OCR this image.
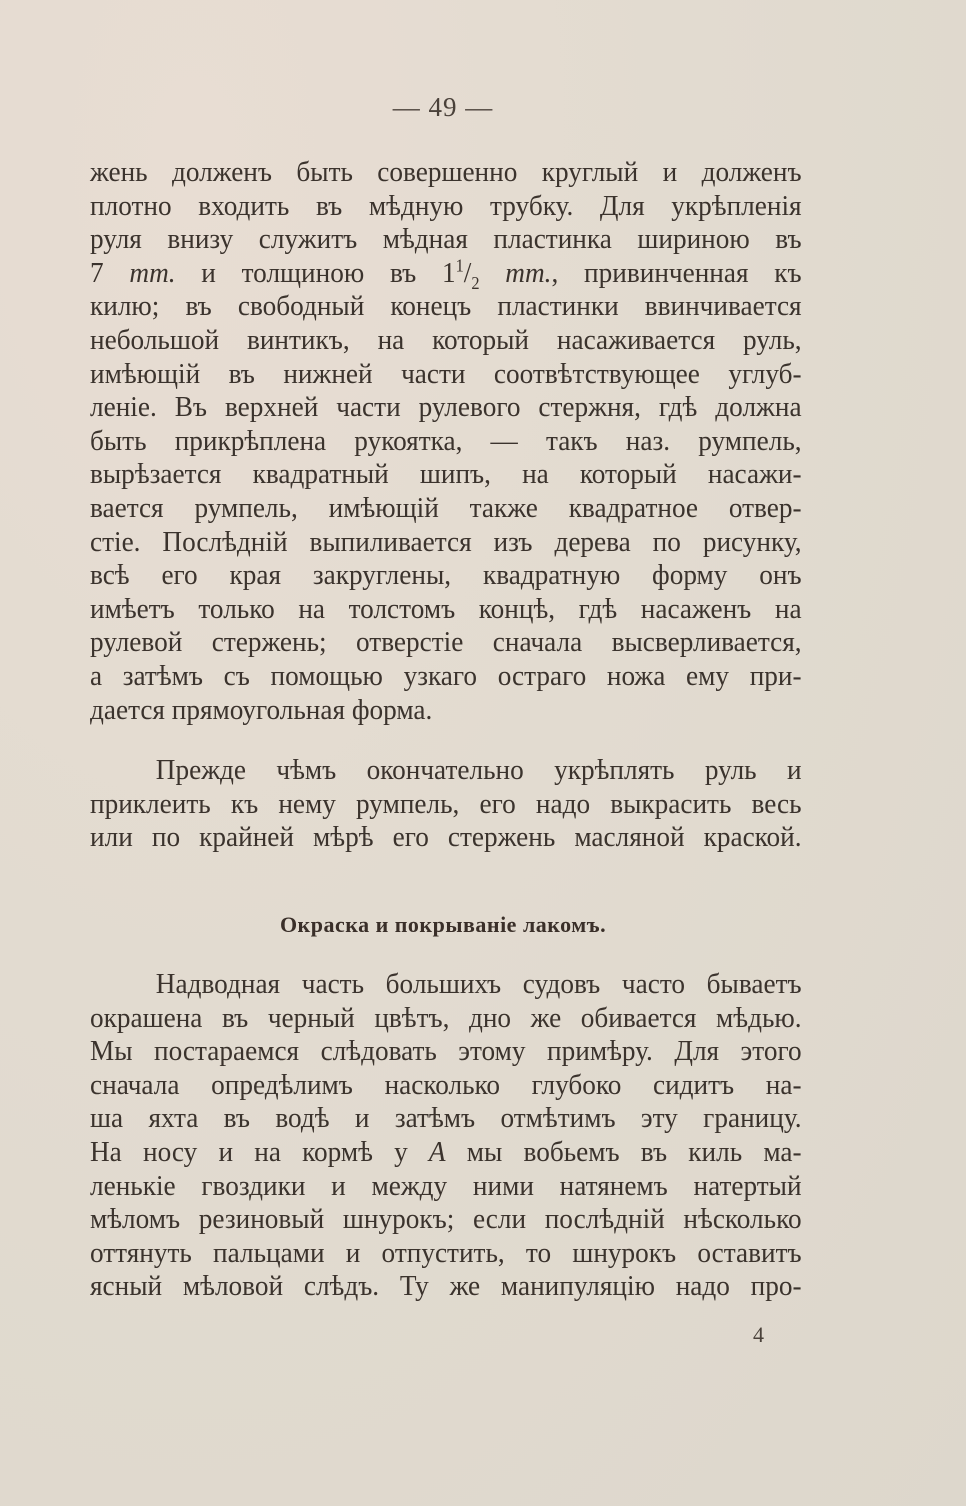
— 49 —
жень долженъ быть совершенно круглый и долженъ
плотно входить въ мѣдную трубку. Для укрѣпленія
руля внизу служитъ мѣдная пластинка шириною въ
7 mm. и толщиною въ $1^1/_2$ mm., привинченная къ
килю; въ свободный конецъ пластинки ввинчивается
небольшой винтикъ, на который насаживается руль,
имѣющій въ нижней части соотвѣтствующее углуб-
леніе. Въ верхней части рулевого стержня, гдѣ должна
быть прикрѣплена рукоятка, — такъ наз. румпель,
вырѣзается квадратный шипъ, на который насажи-
вается румпель, имѣющій также квадратное отвер-
стіе. Послѣдній выпиливается изъ дерева по рисунку,
всѣ его края закруглены, квадратную форму онъ
имѣетъ только на толстомъ концѣ, гдѣ насаженъ на
рулевой стержень; отверстіе сначала высверливается,
а затѣмъ съ помощью узкаго остраго ножа ему при-
дается прямоугольная форма.
Прежде чѣмъ окончательно укрѣплять руль и
приклеить къ нему румпель, его надо выкрасить весь
или по крайней мѣрѣ его стержень масляной краской.
Окраска и покрываніе лакомъ.
Надводная часть большихъ судовъ часто бываетъ
окрашена въ черный цвѣтъ, дно же обивается мѣдью.
Мы постараемся слѣдовать этому примѣру. Для этого
сначала опредѣлимъ насколько глубоко сидитъ на-
ша яхта въ водѣ и затѣмъ отмѣтимъ эту границу.
На носу и на кормѣ у A мы вобьемъ въ киль ма-
ленькіе гвоздики и между ними натянемъ натертый
мѣломъ резиновый шнурокъ; если послѣдній нѣсколько
оттянуть пальцами и отпустить, то шнурокъ оставитъ
ясный мѣловой слѣдъ. Ту же манипуляцію надо про-
4
